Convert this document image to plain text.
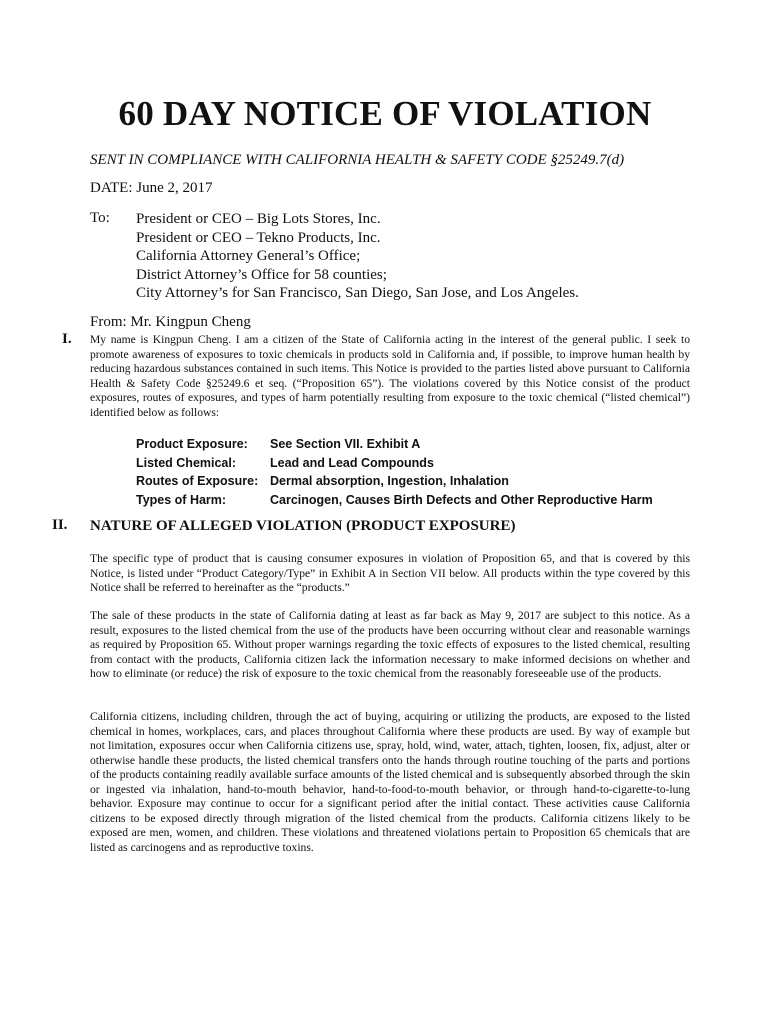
60 DAY NOTICE OF VIOLATION
SENT IN COMPLIANCE WITH CALIFORNIA HEALTH & SAFETY CODE §25249.7(d)
DATE: June 2, 2017
To: President or CEO – Big Lots Stores, Inc.
President or CEO – Tekno Products, Inc.
California Attorney General’s Office;
District Attorney’s Office for 58 counties;
City Attorney’s for San Francisco, San Diego, San Jose, and Los Angeles.
From: Mr. Kingpun Cheng
I. My name is Kingpun Cheng. I am a citizen of the State of California acting in the interest of the general public. I seek to promote awareness of exposures to toxic chemicals in products sold in California and, if possible, to improve human health by reducing hazardous substances contained in such items. This Notice is provided to the parties listed above pursuant to California Health & Safety Code §25249.6 et seq. (“Proposition 65”). The violations covered by this Notice consist of the product exposures, routes of exposures, and types of harm potentially resulting from exposure to the toxic chemical (“listed chemical”) identified below as follows:

Product Exposure:	See Section VII. Exhibit A
Listed Chemical:	Lead and Lead Compounds
Routes of Exposure: Dermal absorption, Ingestion, Inhalation
Types of Harm:	Carcinogen, Causes Birth Defects and Other Reproductive Harm
II. NATURE OF ALLEGED VIOLATION (PRODUCT EXPOSURE)

The specific type of product that is causing consumer exposures in violation of Proposition 65, and that is covered by this Notice, is listed under “Product Category/Type” in Exhibit A in Section VII below. All products within the type covered by this Notice shall be referred to hereinafter as the “products.”

The sale of these products in the state of California dating at least as far back as May 9, 2017 are subject to this notice. As a result, exposures to the listed chemical from the use of the products have been occurring without clear and reasonable warnings as required by Proposition 65. Without proper warnings regarding the toxic effects of exposures to the listed chemical, resulting from contact with the products, California citizen lack the information necessary to make informed decisions on whether and how to eliminate (or reduce) the risk of exposure to the toxic chemical from the reasonably foreseeable use of the products.

California citizens, including children, through the act of buying, acquiring or utilizing the products, are exposed to the listed chemical in homes, workplaces, cars, and places throughout California where these products are used. By way of example but not limitation, exposures occur when California citizens use, spray, hold, wind, water, attach, tighten, loosen, fix, adjust, alter or otherwise handle these products, the listed chemical transfers onto the hands through routine touching of the parts and portions of the products containing readily available surface amounts of the listed chemical and is subsequently absorbed through the skin or ingested via inhalation, hand-to-mouth behavior, hand-to-food-to-mouth behavior, or through hand-to-cigarette-to-lung behavior. Exposure may continue to occur for a significant period after the initial contact. These activities cause California citizens to be exposed directly through migration of the listed chemical from the products. California citizens likely to be exposed are men, women, and children. These violations and threatened violations pertain to Proposition 65 chemicals that are listed as carcinogens and as reproductive toxins.
